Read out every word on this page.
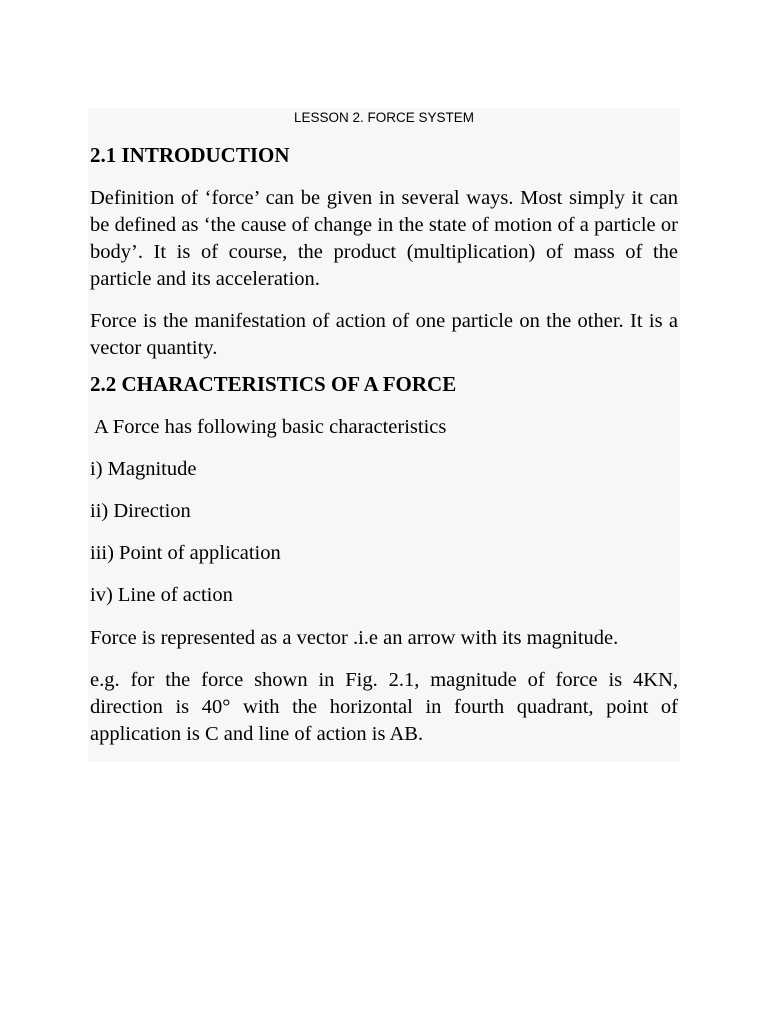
LESSON 2. FORCE SYSTEM

2.1 INTRODUCTION

Definition of ‘force’ can be given in several ways. Most simply it can be defined as ‘the cause of change in the state of motion of a particle or body’. It is of course, the product (multiplication) of mass of the particle and its acceleration.

Force is the manifestation of action of one particle on the other. It is a vector quantity.

2.2 CHARACTERISTICS OF A FORCE

A Force has following basic characteristics

i) Magnitude

ii) Direction

iii) Point of application

iv) Line of action

Force is represented as a vector .i.e an arrow with its magnitude.

e.g. for the force shown in Fig. 2.1, magnitude of force is 4KN, direction is 40° with the horizontal in fourth quadrant, point of application is C and line of action is AB.
